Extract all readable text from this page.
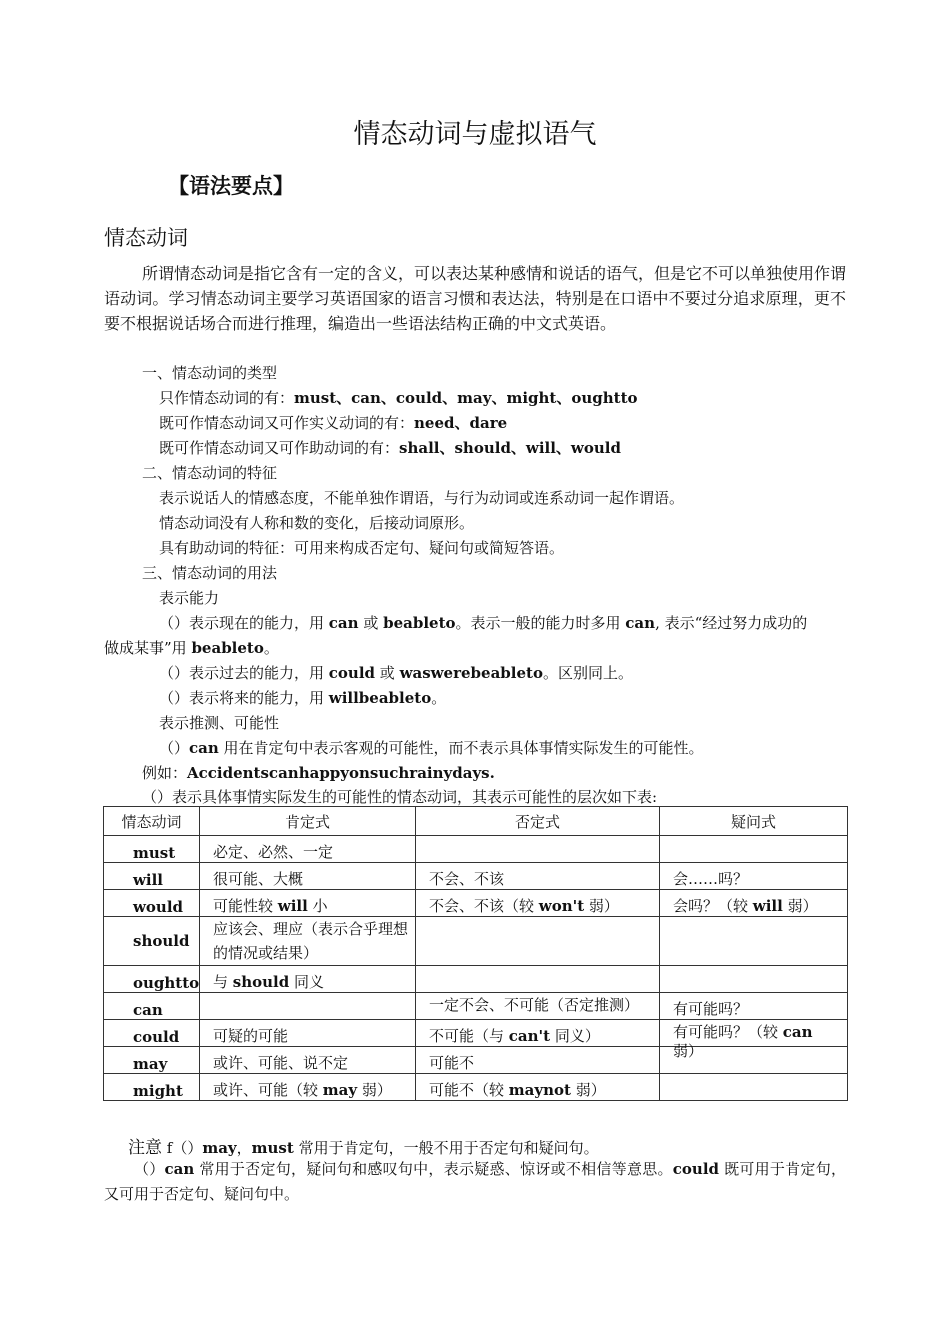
情态动词与虚拟语气
【语法要点】
情态动词
所谓情态动词是指它含有一定的含义，可以表达某种感情和说话的语气，但是它不可以单独使用作谓语动词。学习情态动词主要学习英语国家的语言习惯和表达法，特别是在口语中不要过分追求原理，更不要不根据说话场合而进行推理，编造出一些语法结构正确的中文式英语。
一、情态动词的类型
只作情态动词的有：must、can、could、may、might、oughtto
既可作情态动词又可作实义动词的有：need、dare
既可作情态动词又可作助动词的有：shall、should、will、would
二、情态动词的特征
表示说话人的情感态度，不能单独作谓语，与行为动词或连系动词一起作谓语。
情态动词没有人称和数的变化，后接动词原形。
具有助动词的特征：可用来构成否定句、疑问句或简短答语。
三、情态动词的用法
表示能力
（）表示现在的能力，用 can 或 beableto。表示一般的能力时多用 can, 表示“经过努力成功的
做成某事”用 beableto。
（）表示过去的能力，用 could 或 waswerebeableto。区别同上。
（）表示将来的能力，用 willbeableto。
表示推测、可能性
（）can 用在肯定句中表示客观的可能性，而不表示具体事情实际发生的可能性。
例如：Accidentscanhappyonsuchrainydays.
（）表示具体事情实际发生的可能性的情态动词，其表示可能性的层次如下表:
情态动词	肯定式	否定式	疑问式
must	必定、必然、一定		
will	很可能、大概	不会、不该	会……吗？
would	可能性较 will 小	不会、不该（较 won't 弱）	会吗？（较 will 弱）
should	应该会、理应（表示合乎理想的情况或结果）		

oughtto	与 should 同义		
can		一定不会、不可能（否定推测）	有可能吗？
could	可疑的可能	不可能（与 can't 同义）	有可能吗？（较 can 弱）

may	或许、可能、说不定	可能不	
might	或许、可能（较 may 弱）	可能不（较 maynot 弱）	
注意 f（）may，must 常用于肯定句，一般不用于否定句和疑问句。
（）can 常用于否定句，疑问句和感叹句中，表示疑惑、惊讶或不相信等意思。could 既可用于肯定句，又可用于否定句、疑问句中。
